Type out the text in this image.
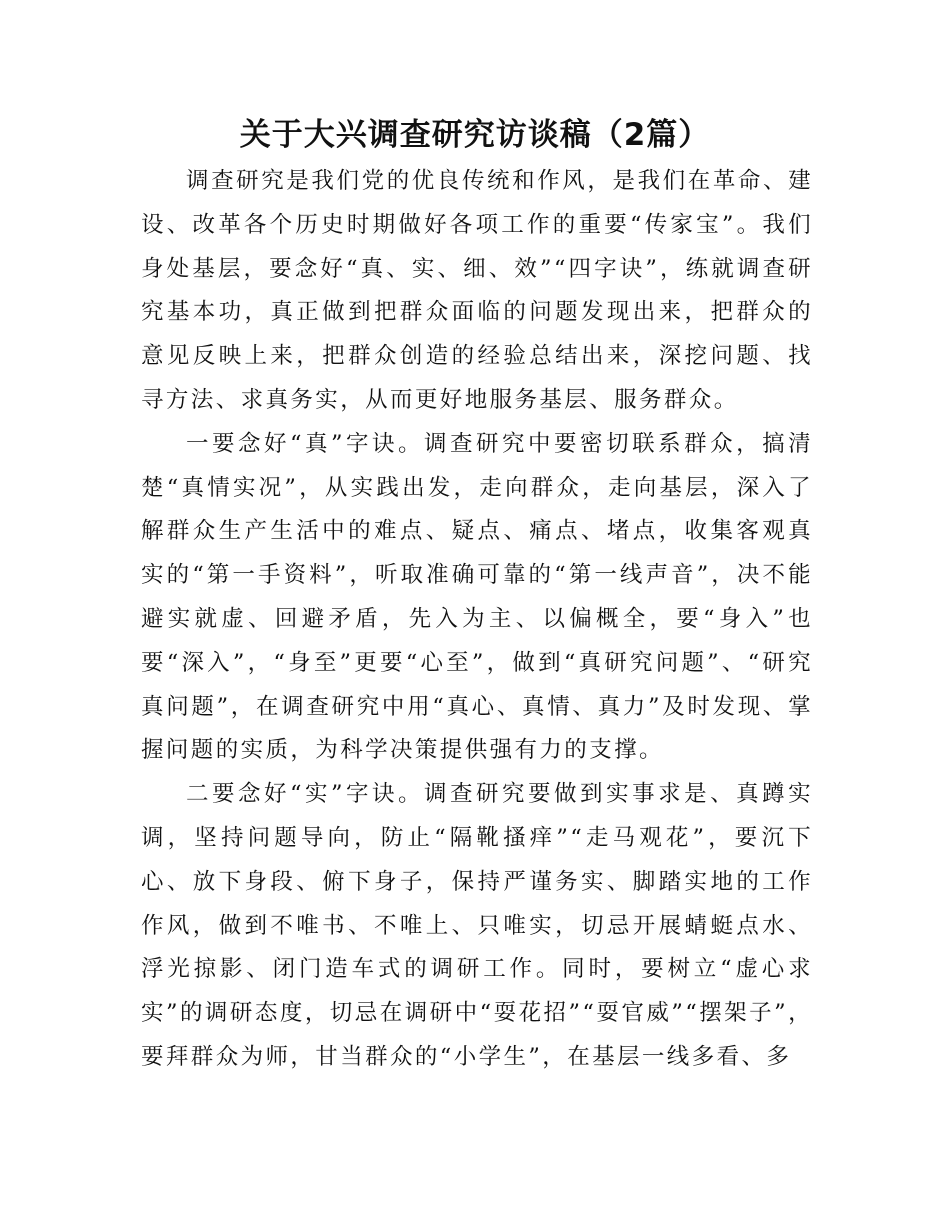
关于大兴调查研究访谈稿（2篇）

调查研究是我们党的优良传统和作风，是我们在革命、建设、改革各个历史时期做好各项工作的重要“传家宝”。我们身处基层，要念好“真、实、细、效”“四字诀”，练就调查研究基本功，真正做到把群众面临的问题发现出来，把群众的意见反映上来，把群众创造的经验总结出来，深挖问题、找寻方法、求真务实，从而更好地服务基层、服务群众。

一要念好“真”字诀。调查研究中要密切联系群众，搞清楚“真情实况”，从实践出发，走向群众，走向基层，深入了解群众生产生活中的难点、疑点、痛点、堵点，收集客观真实的“第一手资料”，听取准确可靠的“第一线声音”，决不能避实就虚、回避矛盾，先入为主、以偏概全，要“身入”也要“深入”，“身至”更要“心至”，做到“真研究问题”、“研究真问题”，在调查研究中用“真心、真情、真力”及时发现、掌握问题的实质，为科学决策提供强有力的支撑。

二要念好“实”字诀。调查研究要做到实事求是、真蹲实调，坚持问题导向，防止“隔靴搔痒”“走马观花”，要沉下心、放下身段、俯下身子，保持严谨务实、脚踏实地的工作作风，做到不唯书、不唯上、只唯实，切忌开展蜻蜓点水、浮光掠影、闭门造车式的调研工作。同时，要树立“虚心求实”的调研态度，切忌在调研中“耍花招”“耍官威”“摆架子”，要拜群众为师，甘当群众的“小学生”，在基层一线多看、多
